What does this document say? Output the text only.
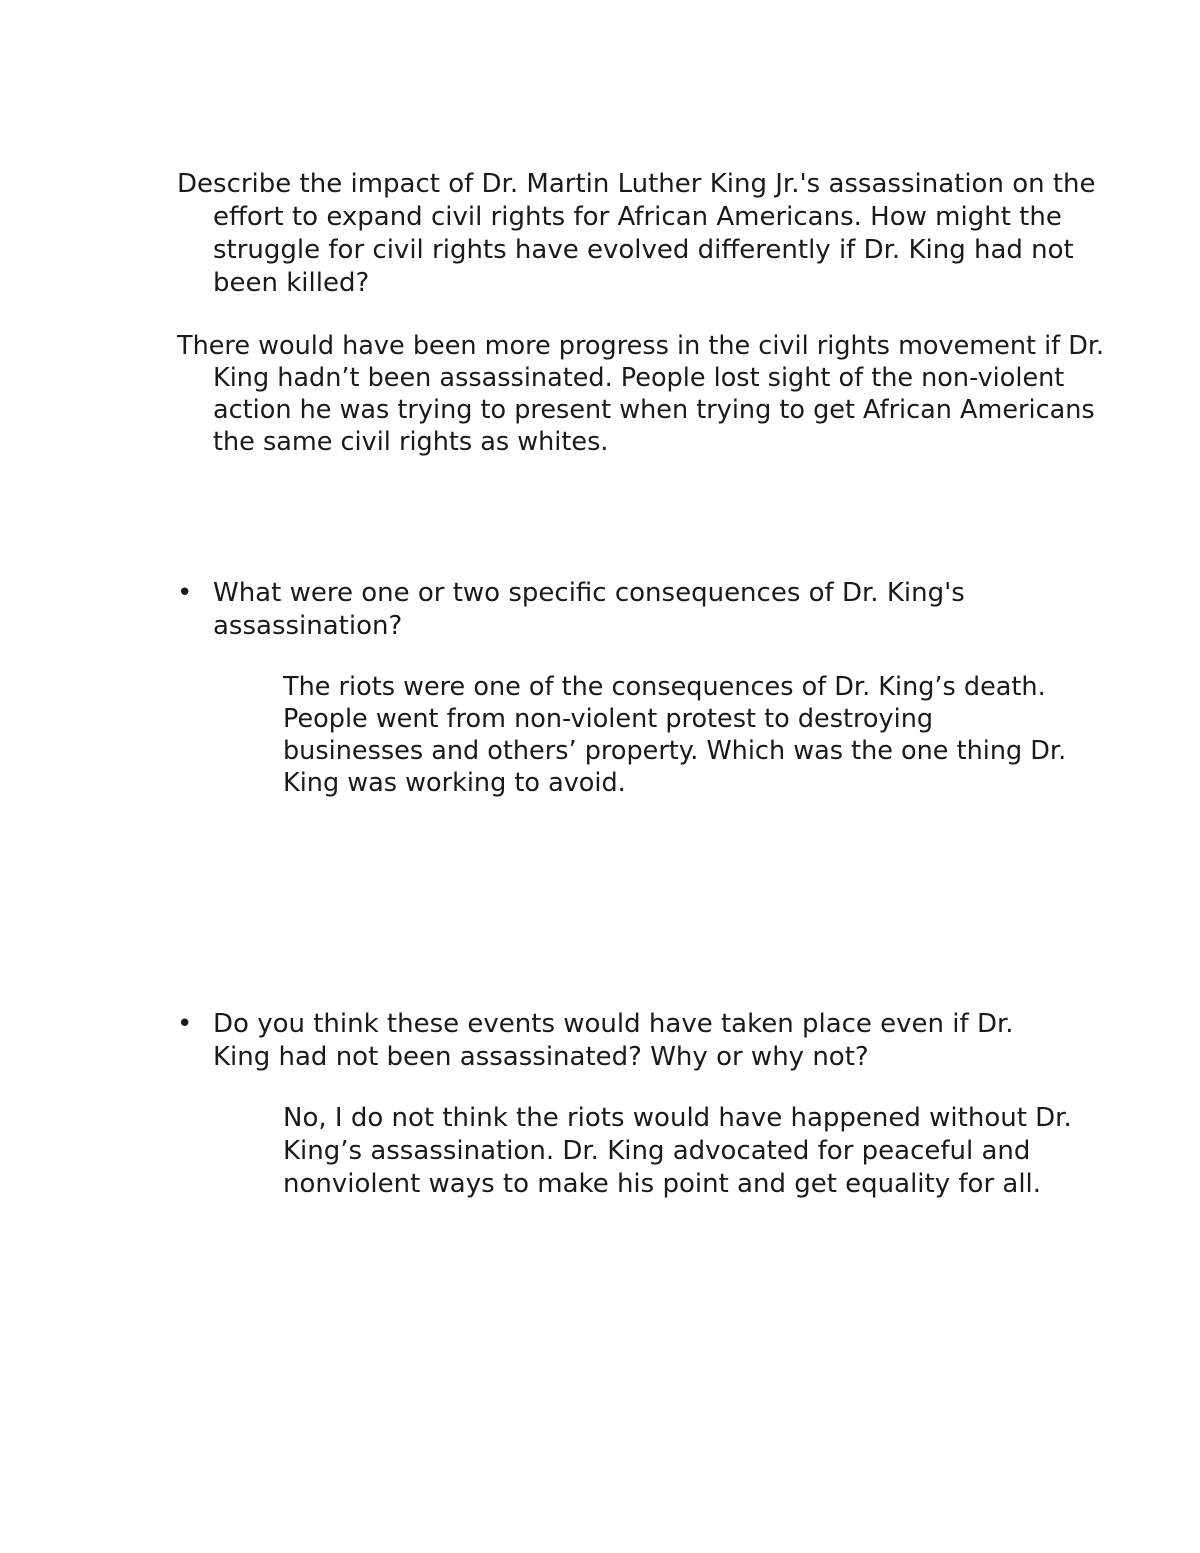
Describe the impact of Dr. Martin Luther King Jr.'s assassination on the effort to expand civil rights for African Americans. How might the struggle for civil rights have evolved differently if Dr. King had not been killed?

There would have been more progress in the civil rights movement if Dr. King hadn’t been assassinated. People lost sight of the non-violent action he was trying to present when trying to get African Americans the same civil rights as whites.

• What were one or two specific consequences of Dr. King's assassination?

The riots were one of the consequences of Dr. King’s death. People went from non-violent protest to destroying businesses and others’ property. Which was the one thing Dr. King was working to avoid.

• Do you think these events would have taken place even if Dr. King had not been assassinated? Why or why not?

No, I do not think the riots would have happened without Dr. King’s assassination. Dr. King advocated for peaceful and nonviolent ways to make his point and get equality for all.
